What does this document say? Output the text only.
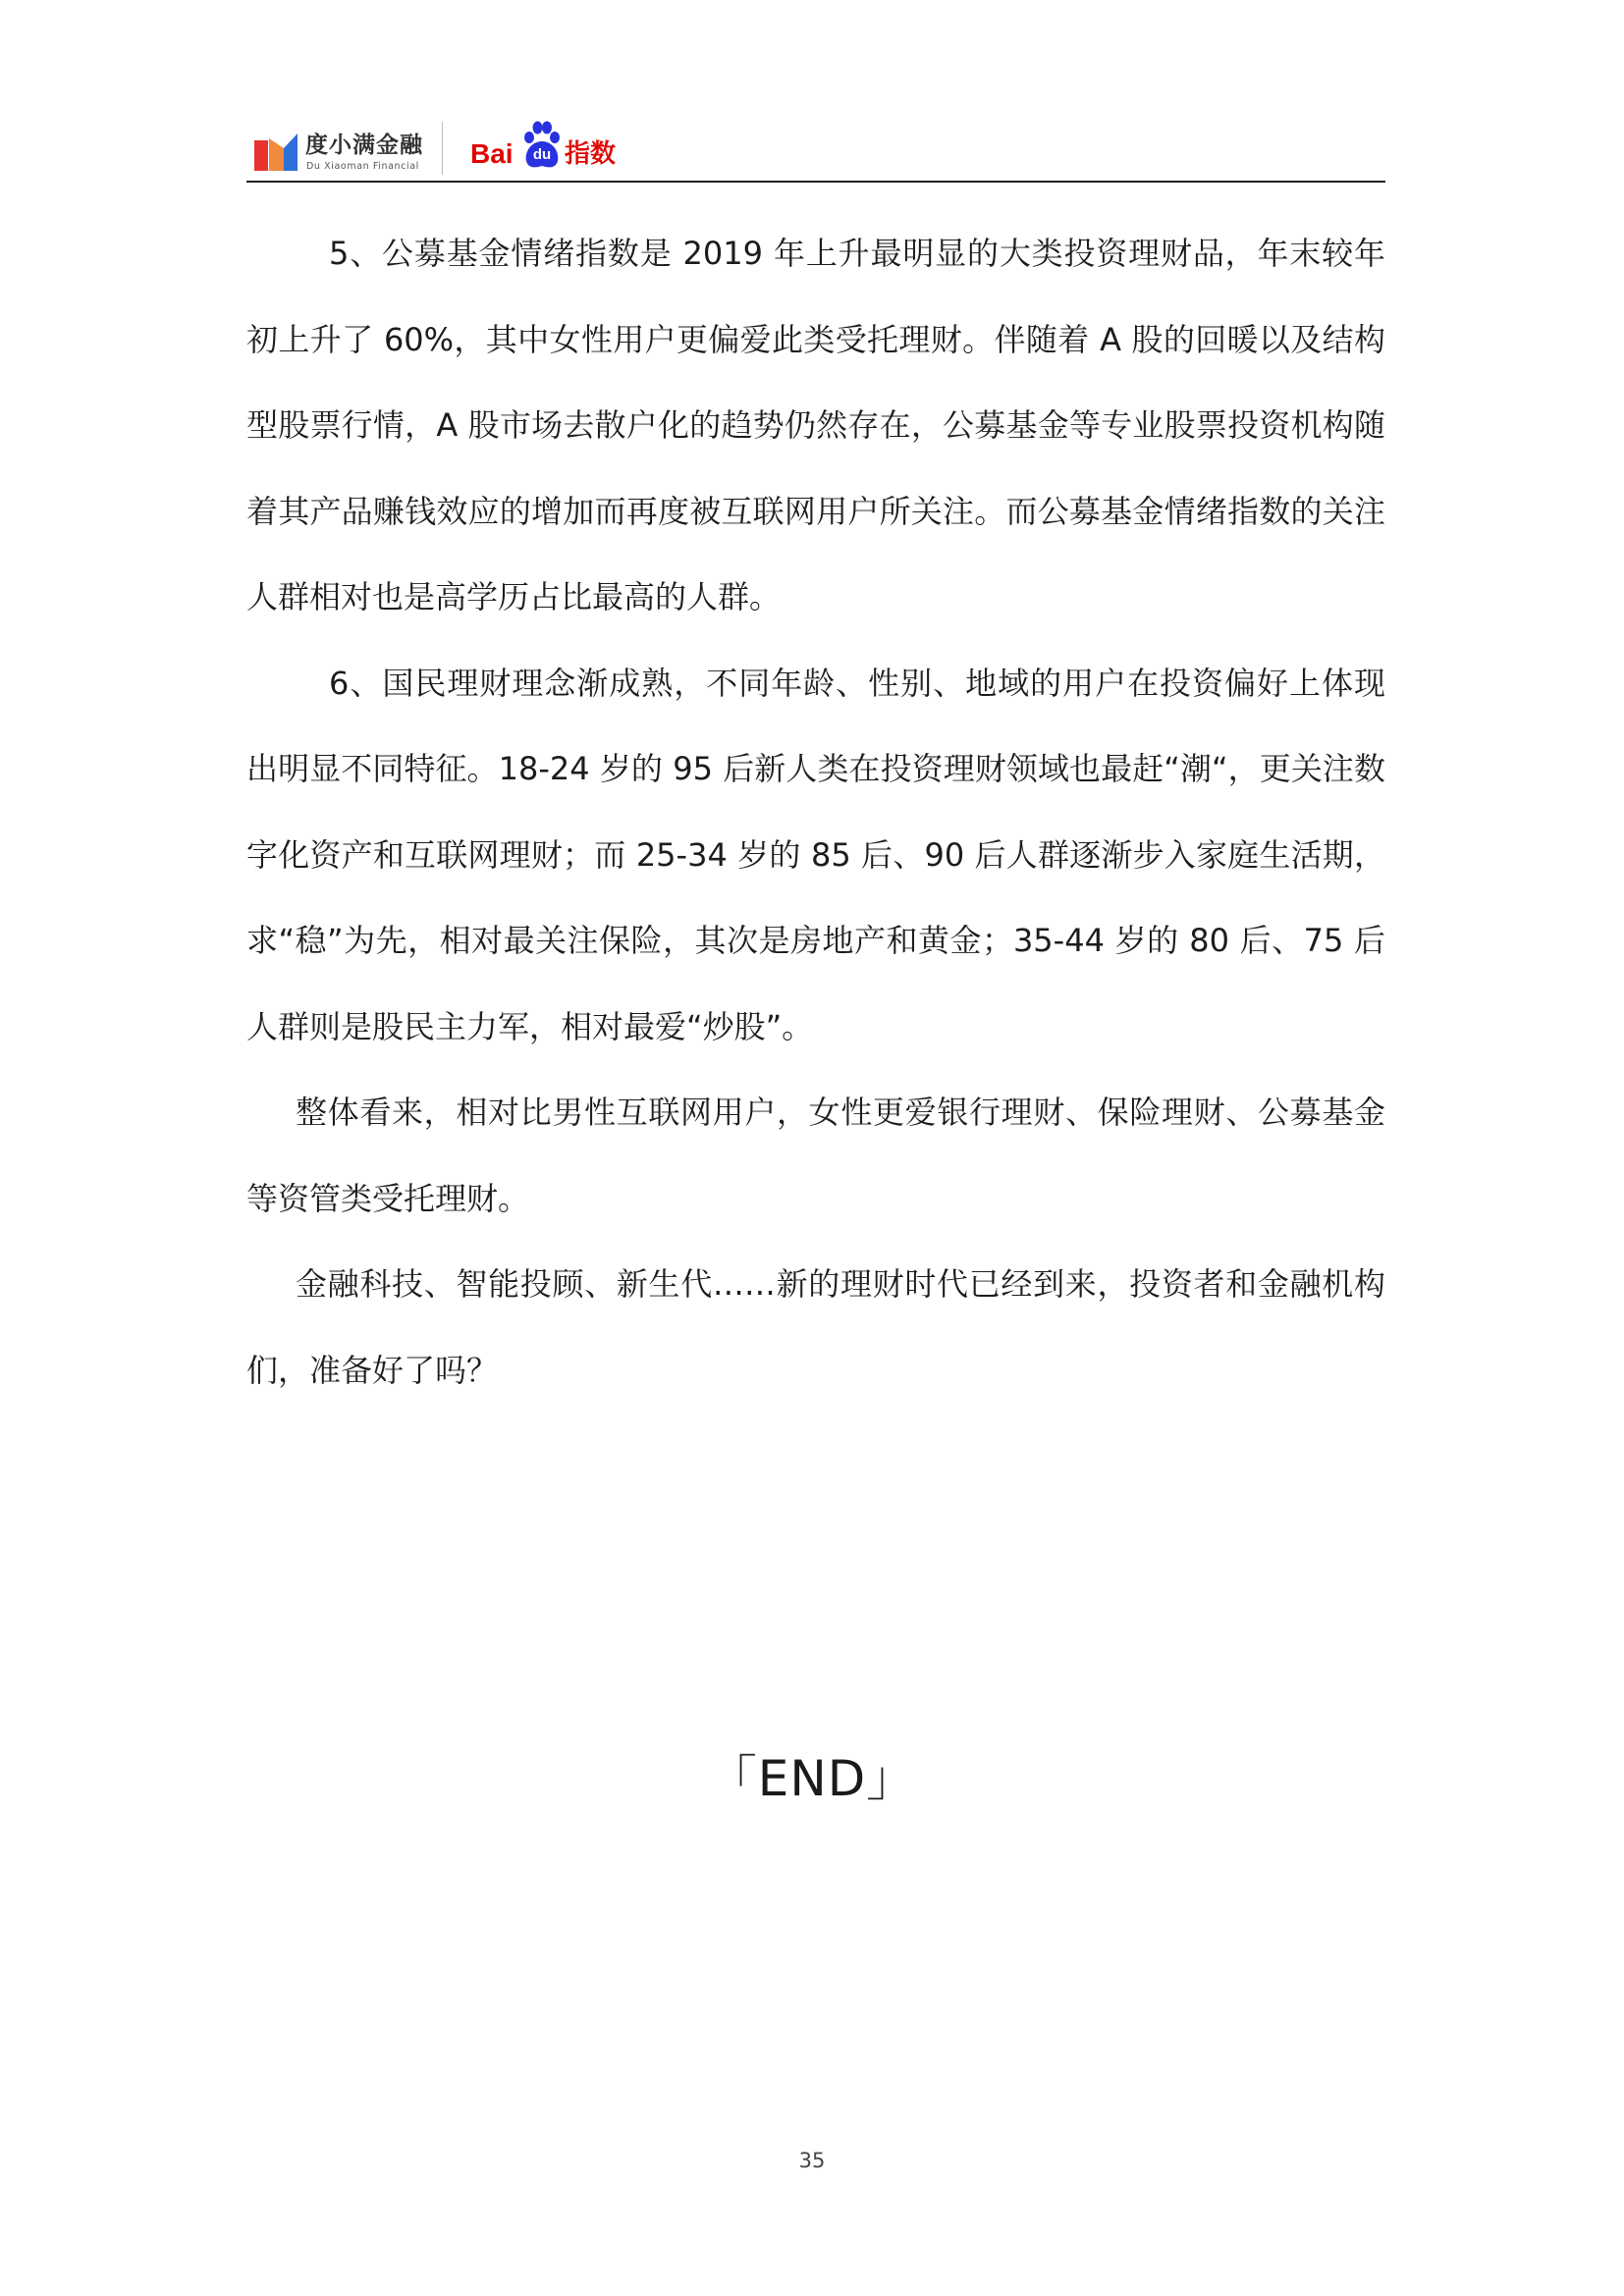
度小满金融
Du Xiaoman Financial Bai	du 指数

5、公募基金情绪指数是 2019 年上升最明显的大类投资理财品，年末较年初上升了 60%，其中女性用户更偏爱此类受托理财。伴随着 A 股的回暖以及结构型股票行情，A 股市场去散户化的趋势仍然存在，公募基金等专业股票投资机构随着其产品赚钱效应的增加而再度被互联网用户所关注。而公募基金情绪指数的关注人群相对也是高学历占比最高的人群。

6、国民理财理念渐成熟，不同年龄、性别、地域的用户在投资偏好上体现出明显不同特征。18-24 岁的 95 后新人类在投资理财领域也最赶“潮“，更关注数字化资产和互联网理财；而 25-34 岁的 85 后、90 后人群逐渐步入家庭生活期，求“稳”为先，相对最关注保险，其次是房地产和黄金；35-44 岁的 80 后、75 后人群则是股民主力军，相对最爱“炒股”。

整体看来，相对比男性互联网用户，女性更爱银行理财、保险理财、公募基金等资管类受托理财。

金融科技、智能投顾、新生代……新的理财时代已经到来，投资者和金融机构们，准备好了吗？

「END」
35
